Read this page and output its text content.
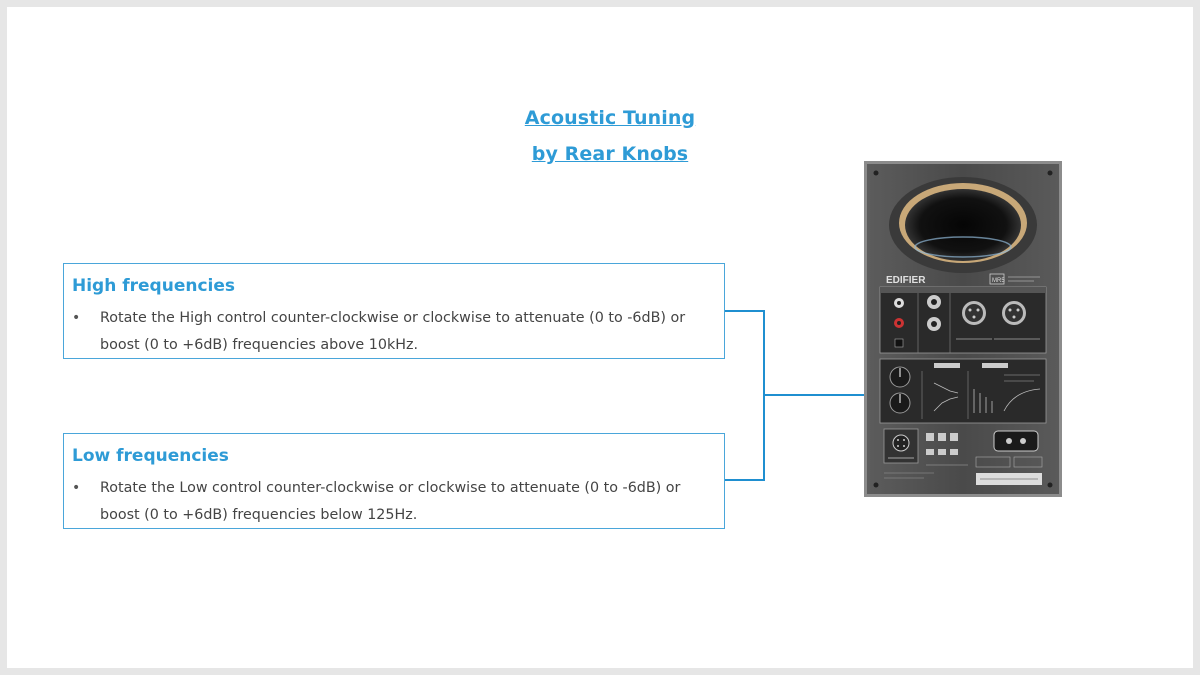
Acoustic Tuning
by Rear Knobs
High frequencies
• Rotate the High control counter-clockwise or clockwise to attenuate (0 to -6dB) or boost (0 to +6dB) frequencies above 10kHz.
Low frequencies
• Rotate the Low control counter-clockwise or clockwise to attenuate (0 to -6dB) or boost (0 to +6dB) frequencies below 125Hz.
EDIFIER	MR5
